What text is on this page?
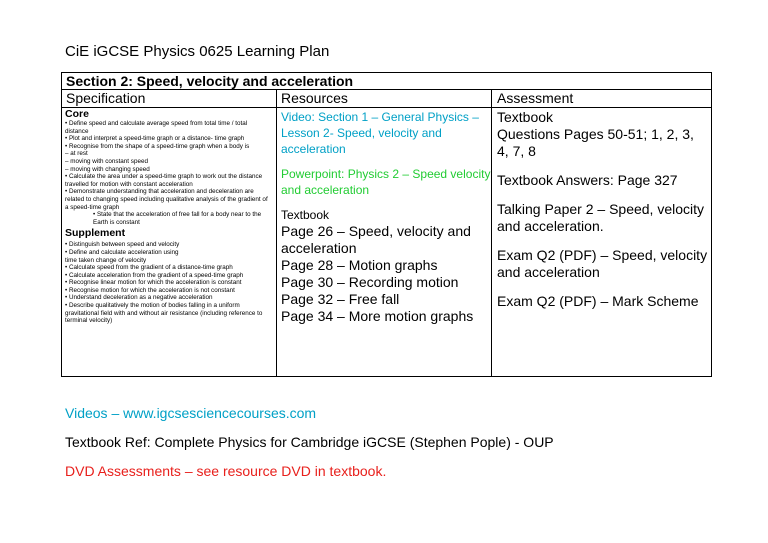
CiE iGCSE Physics 0625 Learning Plan
Section 2: Speed, velocity and acceleration
Specification	Resources	Assessment
Core

• Define speed and calculate average speed from total time / total distance

• Plot and interpret a speed-time graph or a distance- time graph

• Recognise from the shape of a speed-time graph when a body is

– at rest

– moving with constant speed

– moving with changing speed

• Calculate the area under a speed-time graph to work out the distance travelled for motion with constant acceleration

• Demonstrate understanding that acceleration and deceleration are related to changing speed including qualitative analysis of the gradient of a speed-time graph

• State that the acceleration of free fall for a body near to the Earth is constant

Supplement

• Distinguish between speed and velocity

• Define and calculate acceleration using

time taken change of velocity

• Calculate speed from the gradient of a distance-time graph

• Calculate acceleration from the gradient of a speed-time graph

• Recognise linear motion for which the acceleration is constant

• Recognise motion for which the acceleration is not constant

• Understand deceleration as a negative acceleration

• Describe qualitatively the motion of bodies falling in a uniform gravitational field with and without air resistance (including reference to terminal velocity)

Video: Section 1 – General Physics – Lesson 2- Speed, velocity and acceleration

Powerpoint: Physics 2 – Speed velocity and acceleration

Textbook

Page 26 – Speed, velocity and acceleration

Page 28 – Motion graphs

Page 30 – Recording motion

Page 32 – Free fall

Page 34 – More motion graphs

Textbook

Questions Pages 50-51; 1, 2, 3, 4, 7, 8

Textbook Answers: Page 327

Talking Paper 2 – Speed, velocity and acceleration.

Exam Q2 (PDF) – Speed, velocity and acceleration

Exam Q2 (PDF) – Mark Scheme

Videos – www.igcsesciencecourses.com
Textbook Ref: Complete Physics for Cambridge iGCSE (Stephen Pople) - OUP
DVD Assessments – see resource DVD in textbook.
